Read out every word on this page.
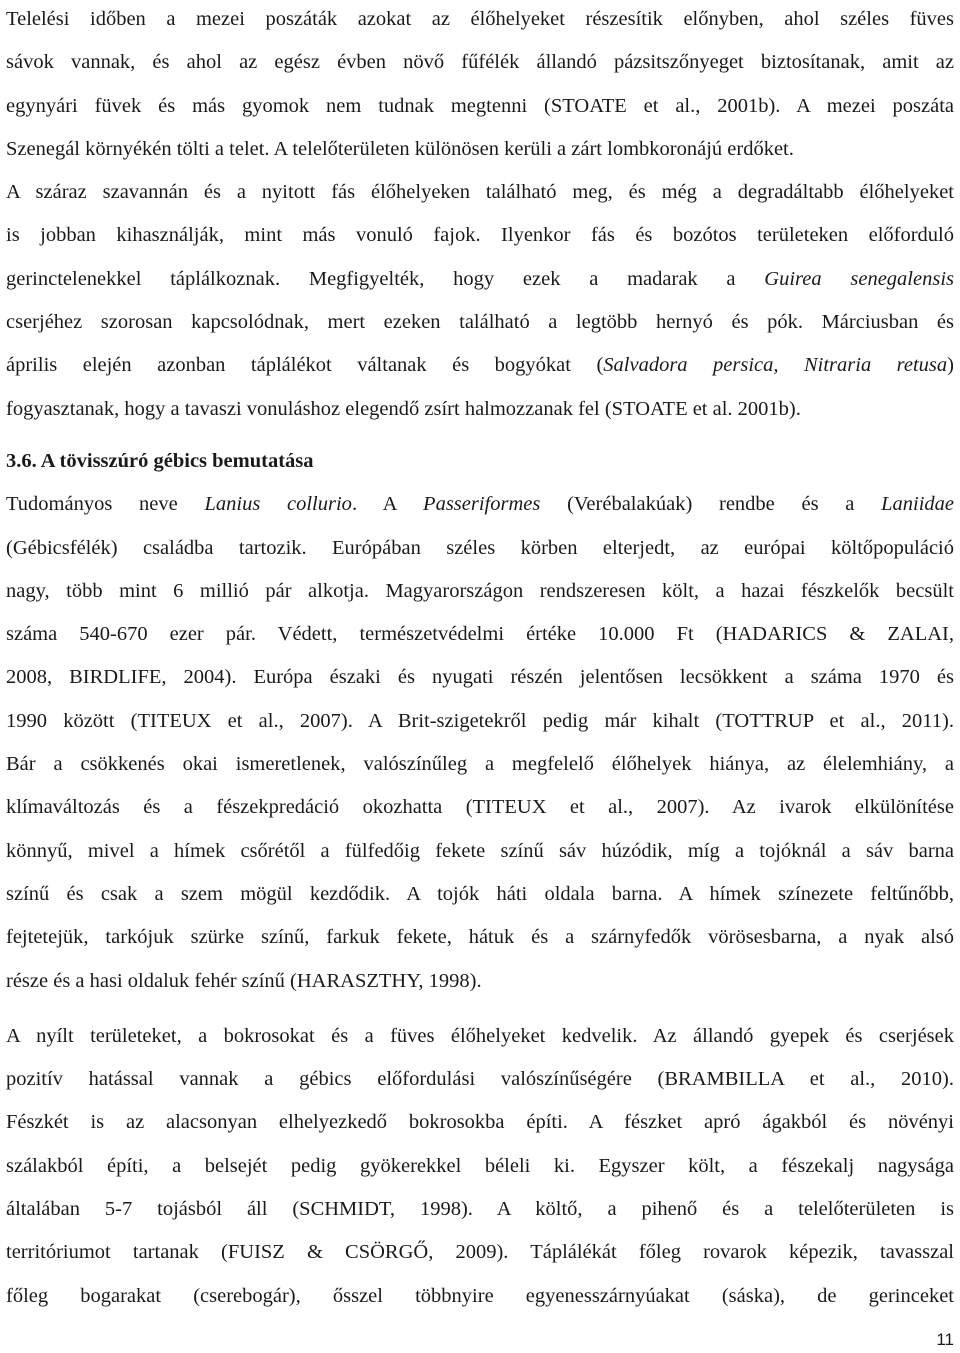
Telelési időben a mezei poszáták azokat az élőhelyeket részesítik előnyben, ahol széles füves
sávok vannak, és ahol az egész évben növő fűfélék állandó pázsitszőnyeget biztosítanak, amit az
egynyári füvek és más gyomok nem tudnak megtenni (STOATE et al., 2001b). A mezei poszáta
Szenegál környékén tölti a telet. A telelőterületen különösen kerüli a zárt lombkoronájú erdőket.
A száraz szavannán és a nyitott fás élőhelyeken található meg, és még a degradáltabb élőhelyeket
is jobban kihasználják, mint más vonuló fajok. Ilyenkor fás és bozótos területeken előforduló
gerinctelenekkel táplálkoznak. Megfigyelték, hogy ezek a madarak a Guirea senegalensis
cserjéhez szorosan kapcsolódnak, mert ezeken található a legtöbb hernyó és pók. Márciusban és
április elején azonban táplálékot váltanak és bogyókat (Salvadora persica, Nitraria retusa)
fogyasztanak, hogy a tavaszi vonuláshoz elegendő zsírt halmozzanak fel (STOATE et al. 2001b).
3.6. A tövisszúró gébics bemutatása
Tudományos neve Lanius collurio. A Passeriformes (Verébalakúak) rendbe és a Laniidae
(Gébicsfélék) családba tartozik. Európában széles körben elterjedt, az európai költőpopuláció
nagy, több mint 6 millió pár alkotja. Magyarországon rendszeresen költ, a hazai fészkelők becsült
száma 540-670 ezer pár. Védett, természetvédelmi értéke 10.000 Ft (HADARICS & ZALAI,
2008, BIRDLIFE, 2004). Európa északi és nyugati részén jelentősen lecsökkent a száma 1970 és
1990 között (TITEUX et al., 2007). A Brit-szigetekről pedig már kihalt (TOTTRUP et al., 2011).
Bár a csökkenés okai ismeretlenek, valószínűleg a megfelelő élőhelyek hiánya, az élelemhiány, a
klímaváltozás és a fészekpredáció okozhatta (TITEUX et al., 2007). Az ivarok elkülönítése
könnyű, mivel a hímek csőrétől a fülfedőig fekete színű sáv húzódik, míg a tojóknál a sáv barna
színű és csak a szem mögül kezdődik. A tojók háti oldala barna. A hímek színezete feltűnőbb,
fejtetejük, tarkójuk szürke színű, farkuk fekete, hátuk és a szárnyfedők vörösesbarna, a nyak alsó
része és a hasi oldaluk fehér színű (HARASZTHY, 1998).
A nyílt területeket, a bokrosokat és a füves élőhelyeket kedvelik. Az állandó gyepek és cserjések
pozitív hatással vannak a gébics előfordulási valószínűségére (BRAMBILLA et al., 2010).
Fészkét is az alacsonyan elhelyezkedő bokrosokba építi. A fészket apró ágakból és növényi
szálakból építi, a belsejét pedig gyökerekkel béleli ki. Egyszer költ, a fészekalj nagysága
általában 5-7 tojásból áll (SCHMIDT, 1998). A költő, a pihenő és a telelőterületen is
territóriumot tartanak (FUISZ & CSÖRGŐ, 2009). Táplálékát főleg rovarok képezik, tavasszal
főleg bogarakat (cserebogár), ősszel többnyire egyenesszárnyúakat (sáska), de gerinceket
11
